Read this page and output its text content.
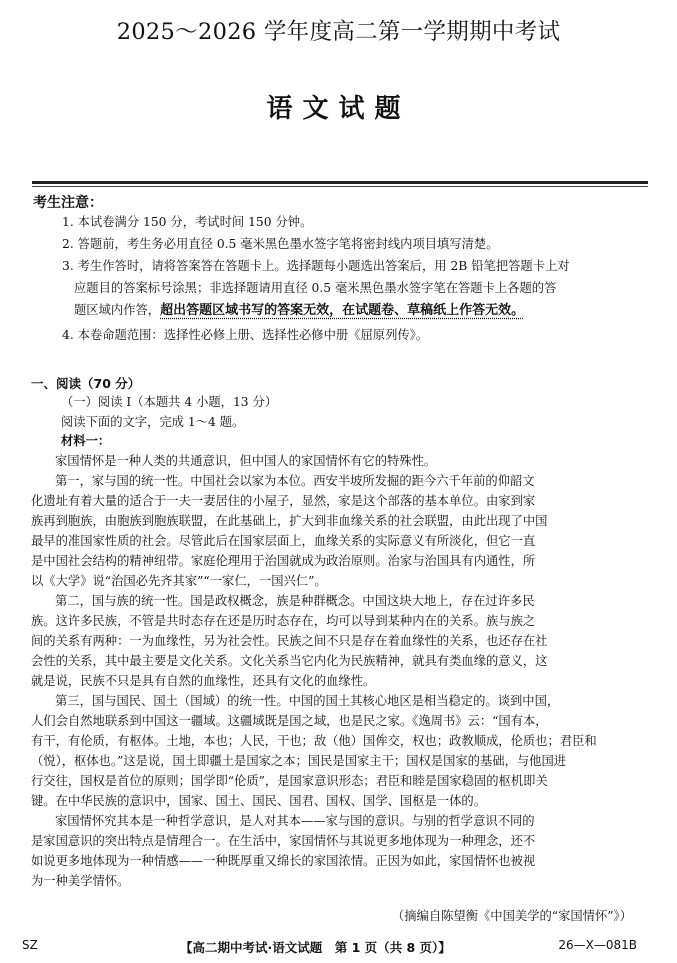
2025～2026 学年度高二第一学期期中考试
语文试题
考生注意：
1. 本试卷满分 150 分，考试时间 150 分钟。
2. 答题前，考生务必用直径 0.5 毫米黑色墨水签字笔将密封线内项目填写清楚。
3. 考生作答时，请将答案答在答题卡上。选择题每小题选出答案后，用 2B 铅笔把答题卡上对
应题目的答案标号涂黑；非选择题请用直径 0.5 毫米黑色墨水签字笔在答题卡上各题的答
题区域内作答，超出答题区域书写的答案无效，在试题卷、草稿纸上作答无效。
4. 本卷命题范围：选择性必修上册、选择性必修中册《屈原列传》。
一、阅读（70 分）
（一）阅读 Ⅰ（本题共 4 小题，13 分）
阅读下面的文字，完成 1～4 题。
材料一：
家国情怀是一种人类的共通意识，但中国人的家国情怀有它的特殊性。
第一，家与国的统一性。中国社会以家为本位。西安半坡所发掘的距今六千年前的仰韶文
化遗址有着大量的适合于一夫一妻居住的小屋子，显然，家是这个部落的基本单位。由家到家
族再到胞族，由胞族到胞族联盟，在此基础上，扩大到非血缘关系的社会联盟，由此出现了中国
最早的准国家性质的社会。尽管此后在国家层面上，血缘关系的实际意义有所淡化，但它一直
是中国社会结构的精神纽带。家庭伦理用于治国就成为政治原则。治家与治国具有内通性，所
以《大学》说“治国必先齐其家”“一家仁，一国兴仁”。
第二，国与族的统一性。国是政权概念，族是种群概念。中国这块大地上，存在过许多民
族。这许多民族，不管是共时态存在还是历时态存在，均可以导到某种内在的关系。族与族之
间的关系有两种：一为血缘性，另为社会性。民族之间不只是存在着血缘性的关系，也还存在社
会性的关系，其中最主要是文化关系。文化关系当它内化为民族精神，就具有类血缘的意义，这
就是说，民族不只是具有自然的血缘性，还具有文化的血缘性。
第三，国与国民、国土（国域）的统一性。中国的国土其核心地区是相当稳定的。谈到中国，
人们会自然地联系到中国这一疆域。这疆域既是国之域，也是民之家。《逸周书》云：“国有本，
有干，有伦质，有枢体。土地，本也；人民，干也；敌（他）国侔交，权也；政教顺成，伦质也；君臣和
（悦），枢体也。”这是说，国土即疆土是国家之本；国民是国家主干；国权是国家的基础，与他国进
行交往，国权是首位的原则；国学即“伦质”，是国家意识形态；君臣和睦是国家稳固的枢机即关
键。在中华民族的意识中，国家、国土、国民、国君、国权、国学、国枢是一体的。
家国情怀究其本是一种哲学意识，是人对其本——家与国的意识。与别的哲学意识不同的
是家国意识的突出特点是情理合一。在生活中，家国情怀与其说更多地体现为一种理念，还不
如说更多地体现为一种情感——一种既厚重又绵长的家国浓情。正因为如此，家国情怀也被视
为一种美学情怀。
（摘编自陈望衡《中国美学的“家国情怀”》）
SZ	【高二期中考试·语文试题　第 1 页（共 8 页）】	26—X—081B
